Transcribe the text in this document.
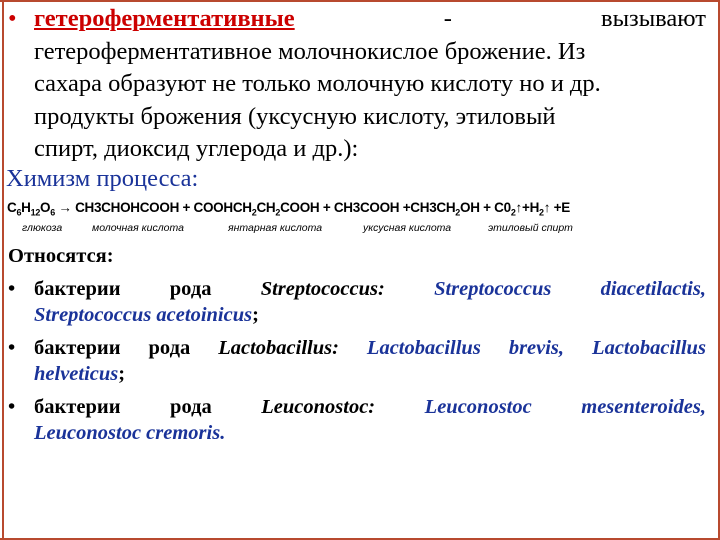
• гетероферментативные	-	вызывают
гетероферментативное молочнокислое брожение. Из
сахара образуют не только молочную кислоту но и др.
продукты брожения (уксусную кислоту, этиловый
спирт, диоксид углерода и др.):
Химизм процесса:
$C_6H_{12}O_6$ → CH3CHOHCOOH + $COOHCH_2CH_2COOH$ + CH3COOH $+CH3CH_2OH$ + $C0_2↑+H_2↑ +E$
глюкоза	молочная кислота	янтарная кислота	уксусная кислота	этиловый спирт
Относятся:
• бактерии рода Streptococcus: Streptococcus diacetilactis,
Streptococcus acetoinicus;
• бактерии рода Lactobacillus: Lactobacillus brevis, Lactobacillus
helveticus;
• бактерии рода Leuconostoc: Leuconostoc mesenteroides,
Leuconostoc cremoris.
